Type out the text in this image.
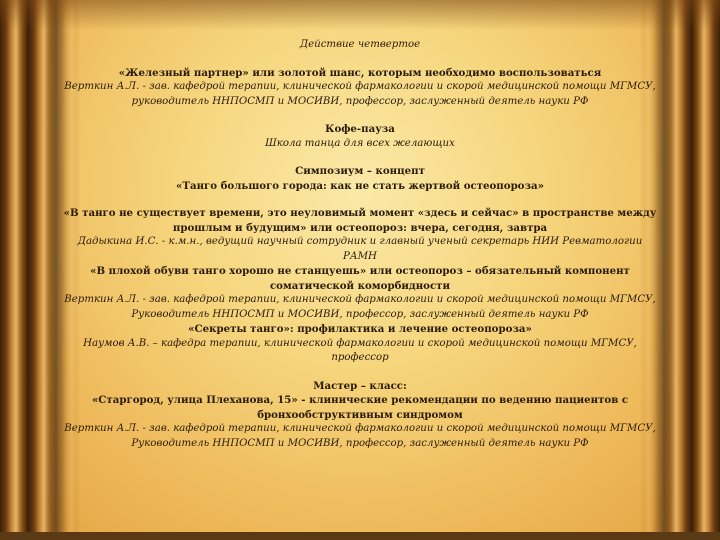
Действие четвертое

«Железный партнер» или золотой шанс, которым необходимо воспользоваться

Верткин А.Л. - зав. кафедрой терапии, клинической фармакологии и скорой медицинской помощи МГМСУ, руководитель ННПОСМП и МОСИВИ, профессор, заслуженный деятель науки РФ

Кофе-пауза

Школа танца для всех желающих

Симпозиум – концепт

«Танго большого города: как не стать жертвой остеопороза»

«В танго не существует времени, это неуловимый момент «здесь и сейчас» в пространстве между прошлым и будущим» или остеопороз: вчера, сегодня, завтра

Дадыкина И.С. - к.м.н., ведущий научный сотрудник и главный ученый секретарь НИИ Ревматологии РАМН

«В плохой обуви танго хорошо не станцуешь» или остеопороз – обязательный компонент соматической коморбидности

Верткин А.Л. - зав. кафедрой терапии, клинической фармакологии и скорой медицинской помощи МГМСУ, Руководитель ННПОСМП и МОСИВИ, профессор, заслуженный деятель науки РФ

«Секреты танго»: профилактика и лечение остеопороза»

Наумов А.В. – кафедра терапии, клинической фармакологии и скорой медицинской помощи МГМСУ, профессор

Мастер – класс:

«Старгород, улица Плеханова, 15» - клинические рекомендации по ведению пациентов с бронхообструктивным синдромом

Верткин А.Л. - зав. кафедрой терапии, клинической фармакологии и скорой медицинской помощи МГМСУ, Руководитель ННПОСМП и МОСИВИ, профессор, заслуженный деятель науки РФ
